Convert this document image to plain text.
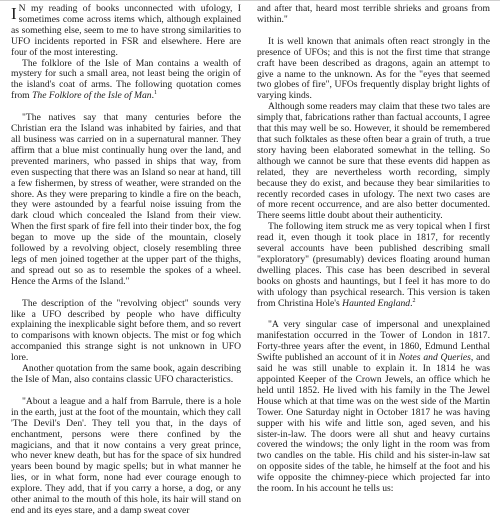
I N my reading of books unconnected with ufology, I sometimes come across items which, although explained as something else, seem to me to have strong similarities to UFO incidents reported in FSR and elsewhere. Here are four of the most interesting.

The folklore of the Isle of Man contains a wealth of mystery for such a small area, not least being the origin of the island's coat of arms. The following quotation comes from The Folklore of the Isle of Man.$^1$

"The natives say that many centuries before the Christian era the Island was inhabited by fairies, and that all business was carried on in a supernatural manner. They affirm that a blue mist continually hung over the land, and prevented mariners, who passed in ships that way, from even suspecting that there was an Island so near at hand, till a few fishermen, by stress of weather, were stranded on the shore. As they were preparing to kindle a fire on the beach, they were astounded by a fearful noise issuing from the dark cloud which concealed the Island from their view. When the first spark of fire fell into their tinder box, the fog began to move up the side of the mountain, closely followed by a revolving object, closely resembling three legs of men joined together at the upper part of the thighs, and spread out so as to resemble the spokes of a wheel. Hence the Arms of the Island."

The description of the "revolving object" sounds very like a UFO described by people who have difficulty explaining the inexplicable sight before them, and so revert to comparisons with known objects. The mist or fog which accompanied this strange sight is not unknown in UFO lore.

Another quotation from the same book, again describing the Isle of Man, also contains classic UFO characteristics.

"About a league and a half from Barrule, there is a hole in the earth, just at the foot of the mountain, which they call 'The Devil's Den'. They tell you that, in the days of enchantment, persons were there confined by the magicians, and that it now contains a very great prince, who never knew death, but has for the space of six hundred years been bound by magic spells; but in what manner he lies, or in what form, none had ever courage enough to explore. They add, that if you carry a horse, a dog, or any other animal to the mouth of this hole, its hair will stand on end and its eyes stare, and a damp sweat cover

and after that, heard most terrible shrieks and groans from within."

It is well known that animals often react strongly in the presence of UFOs; and this is not the first time that strange craft have been described as dragons, again an attempt to give a name to the unknown. As for the "eyes that seemed two globes of fire", UFOs frequently display bright lights of varying kinds.

Although some readers may claim that these two tales are simply that, fabrications rather than factual accounts, I agree that this may well be so. However, it should be remembered that such folktales as these often bear a grain of truth, a true story having been elaborated somewhat in the telling. So although we cannot be sure that these events did happen as related, they are nevertheless worth recording, simply because they do exist, and because they bear similarities to recently recorded cases in ufology. The next two cases are of more recent occurrence, and are also better documented. There seems little doubt about their authenticity.

The following item struck me as very topical when I first read it, even though it took place in 1817, for recently several accounts have been published describing small "exploratory" (presumably) devices floating around human dwelling places. This case has been described in several books on ghosts and hauntings, but I feel it has more to do with ufology than psychical research. This version is taken from Christina Hole's Haunted England.$^2$

"A very singular case of impersonal and unexplained manifestation occurred in the Tower of London in 1817. Forty-three years after the event, in 1860, Edmund Lenthal Swifte published an account of it in Notes and Queries, and said he was still unable to explain it. In 1814 he was appointed Keeper of the Crown Jewels, an office which he held until 1852. He lived with his family in the The Jewel House which at that time was on the west side of the Martin Tower. One Saturday night in October 1817 he was having supper with his wife and little son, aged seven, and his sister-in-law. The doors were all shut and heavy curtains covered the windows; the only light in the room was from two candles on the table. His child and his sister-in-law sat on opposite sides of the table, he himself at the foot and his wife opposite the chimney-piece which projected far into the room. In his account he tells us:
